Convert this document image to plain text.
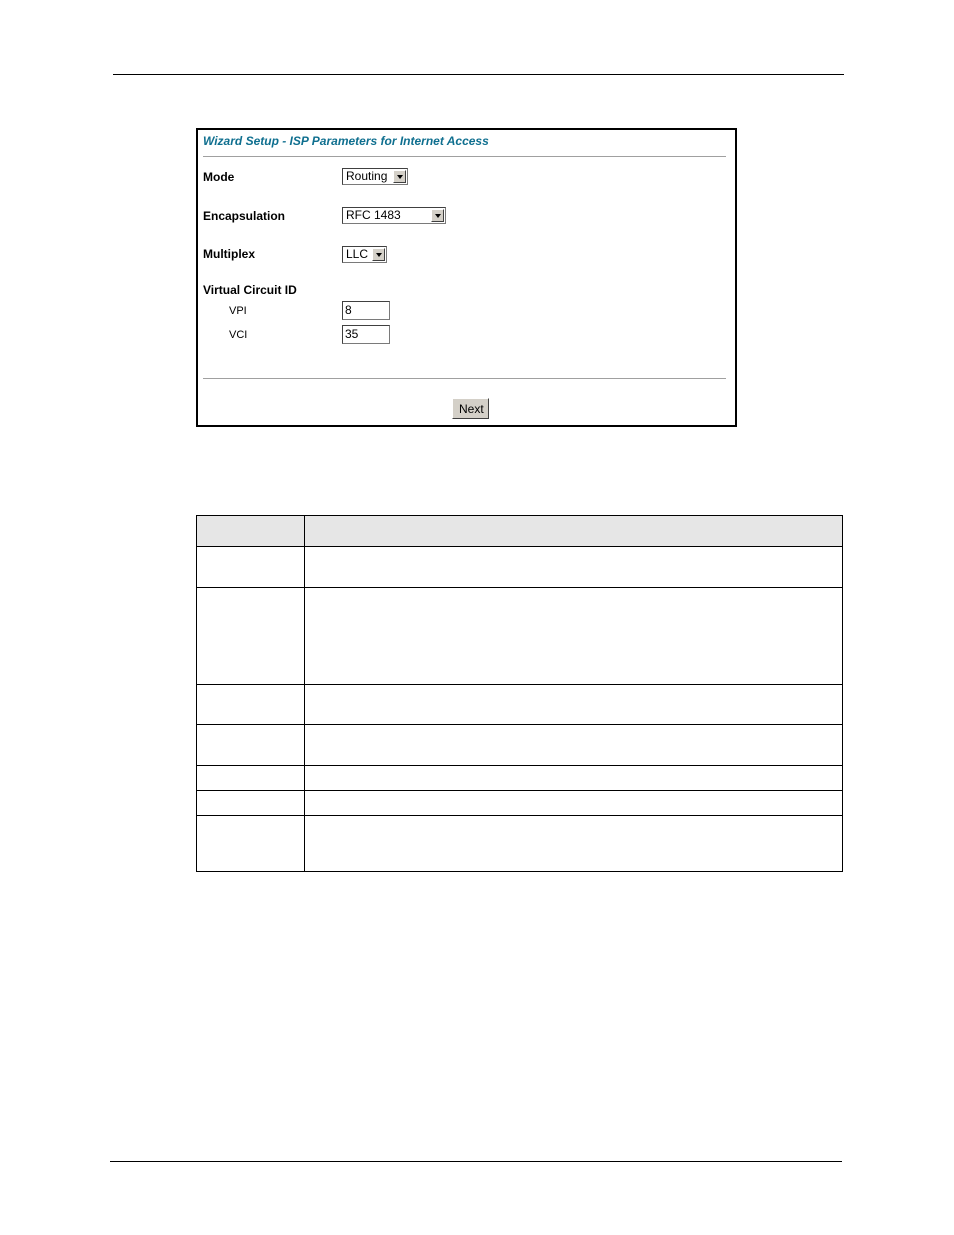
Wizard Setup - ISP Parameters for Internet Access
Mode	Routing
Encapsulation	RFC 1483
Multiplex	LLC
Virtual Circuit ID
VPI	8
VCI	35
Next
